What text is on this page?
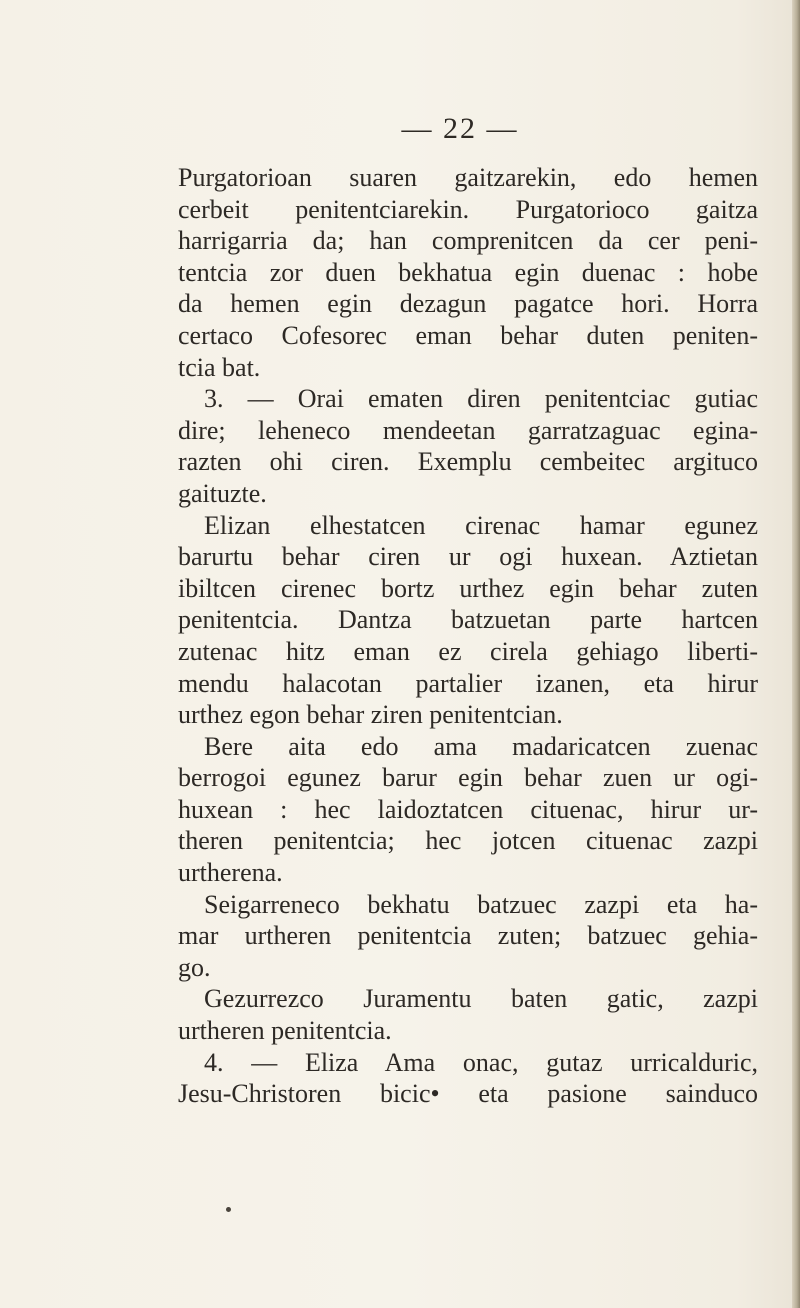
— 22 —
Purgatorioan suaren gaitzarekin, edo hemen
cerbeit penitentciarekin. Purgatorioco gaitza
harrigarria da; han comprenitcen da cer peni-
tentcia zor duen bekhatua egin duenac : hobe
da hemen egin dezagun pagatce hori. Horra
certaco Cofesorec eman behar duten peniten-
tcia bat.
3. — Orai ematen diren penitentciac gutiac
dire; leheneco mendeetan garratzaguac egina-
razten ohi ciren. Exemplu cembeitec argituco
gaituzte.
Elizan elhestatcen cirenac hamar egunez
barurtu behar ciren ur ogi huxean. Aztietan
ibiltcen cirenec bortz urthez egin behar zuten
penitentcia. Dantza batzuetan parte hartcen
zutenac hitz eman ez cirela gehiago liberti-
mendu halacotan partalier izanen, eta hirur
urthez egon behar ziren penitentcian.
Bere aita edo ama madaricatcen zuenac
berrogoi egunez barur egin behar zuen ur ogi-
huxean : hec laidoztatcen cituenac, hirur ur-
theren penitentcia; hec jotcen cituenac zazpi
urtherena.
Seigarreneco bekhatu batzuec zazpi eta ha-
mar urtheren penitentcia zuten; batzuec gehia-
go.
Gezurrezco Juramentu baten gatic, zazpi
urtheren penitentcia.
4. — Eliza Ama onac, gutaz urricalduric,
Jesu-Christoren bicic• eta pasione sainduco
